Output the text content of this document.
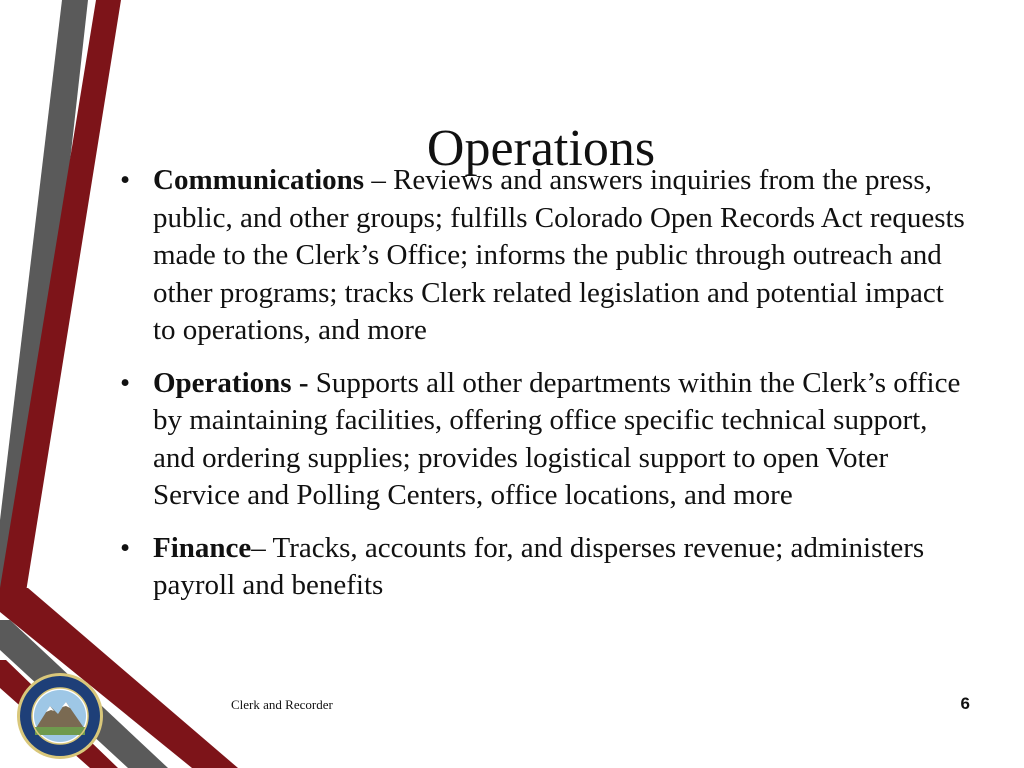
Operations
• Communications – Reviews and answers inquiries from the press, public, and other groups; fulfills Colorado Open Records Act requests made to the Clerk’s Office; informs the public through outreach and other programs; tracks Clerk related legislation and potential impact to operations, and more
• Operations - Supports all other departments within the Clerk’s office by maintaining facilities, offering office specific technical support, and ordering supplies; provides logistical support to open Voter Service and Polling Centers, office locations, and more
• Finance– Tracks, accounts for, and disperses revenue; administers payroll and benefits
Clerk and Recorder	6
